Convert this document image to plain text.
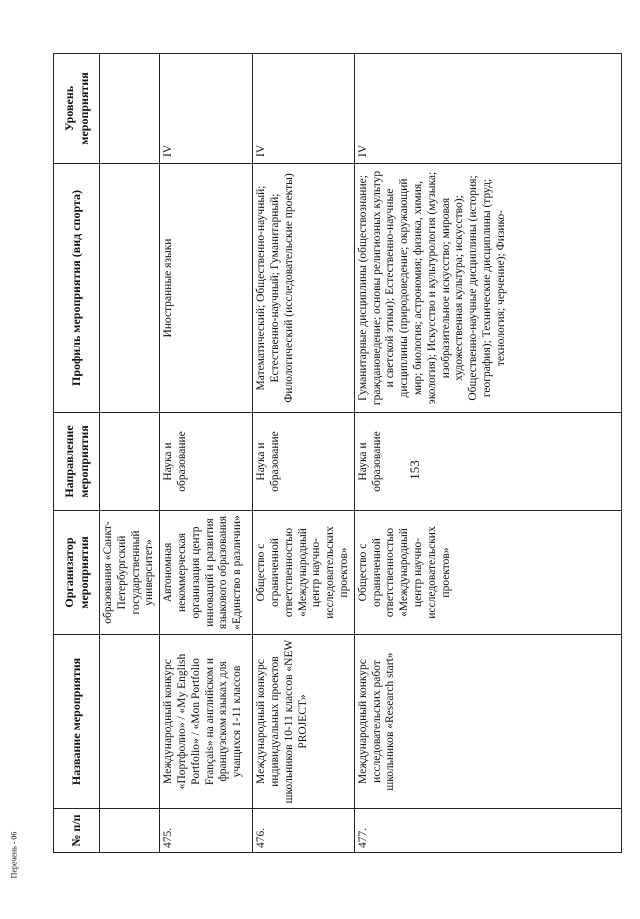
153
Перечень - 06
№ п/п	Название мероприятия	Организатор мероприятия	Направление мероприятия	Профиль мероприятия (вид спорта)	Уровень мероприятия
		образования «Санкт-Петербургский государственный университет»			
475.	Международный конкурс «Портфолио» / «My English Portfolio» / «Mon Portfolio Français» на английском и французском языках для учащихся 1-11 классов	Автономная некоммерческая организация центр инноваций и развития языкового образования «Единство в различии»	Наука и образование	Иностранные языки	IV
476.	Международный конкурс индивидуальных проектов школьников 10-11 классов «NEW PROJECT»	Общество с ограниченной ответственностью «Международный центр научно-исследовательских проектов»	Наука и образование	Математический; Общественно-научный; Естественно-научный; Гуманитарный; Филологический (исследовательские проекты)	IV
477.	Международный конкурс исследовательских работ школьников «Research start»	Общество с ограниченной ответственностью «Международный центр научно-исследовательских проектов»	Наука и образование	Гуманитарные дисциплины (обществознание; граждановедение; основы религиозных культур и светской этики); Естественно-научные дисциплины (природоведение; окружающий мир; биология; астрономия; физика, химия, экология); Искусство и культурология (музыка; изобразительное искусство; мировая художественная культура; искусство); Общественно-научные дисциплины (история; география); Технические дисциплины (труд; технология; черчение); Физико-	IV
